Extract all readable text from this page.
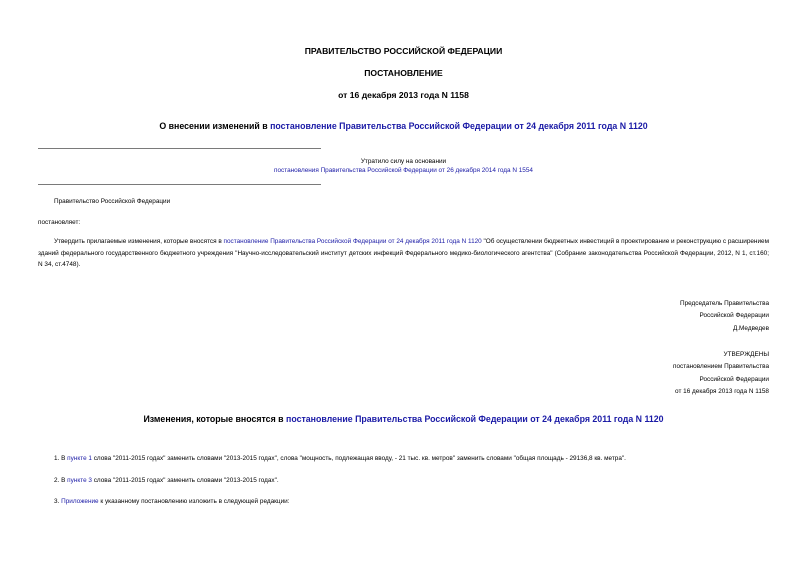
ПРАВИТЕЛЬСТВО РОССИЙСКОЙ ФЕДЕРАЦИИ
ПОСТАНОВЛЕНИЕ
от 16 декабря 2013 года N 1158
О внесении изменений в постановление Правительства Российской Федерации от 24 декабря 2011 года N 1120
Утратило силу на основании
постановления Правительства Российской Федерации от 26 декабря 2014 года N 1554
Правительство Российской Федерации
постановляет:
Утвердить прилагаемые изменения, которые вносятся в постановление Правительства Российской Федерации от 24 декабря 2011 года N 1120 "Об осуществлении бюджетных инвестиций в проектирование и реконструкцию с расширением зданий федерального государственного бюджетного учреждения "Научно-исследовательский институт детских инфекций Федерального медико-биологического агентства" (Собрание законодательства Российской Федерации, 2012, N 1, ст.160; N 34, ст.4748).
Председатель Правительства
Российской Федерации
Д.Медведев
УТВЕРЖДЕНЫ
постановлением Правительства
Российской Федерации
от 16 декабря 2013 года N 1158
Изменения, которые вносятся в постановление Правительства Российской Федерации от 24 декабря 2011 года N 1120
1. В пункте 1 слова "2011-2015 годах" заменить словами "2013-2015 годах", слова "мощность, подлежащая вводу, - 21 тыс. кв. метров" заменить словами "общая площадь - 29136,8 кв. метра".
2. В пункте 3 слова "2011-2015 годах" заменить словами "2013-2015 годах".
3. Приложение к указанному постановлению изложить в следующей редакции:
